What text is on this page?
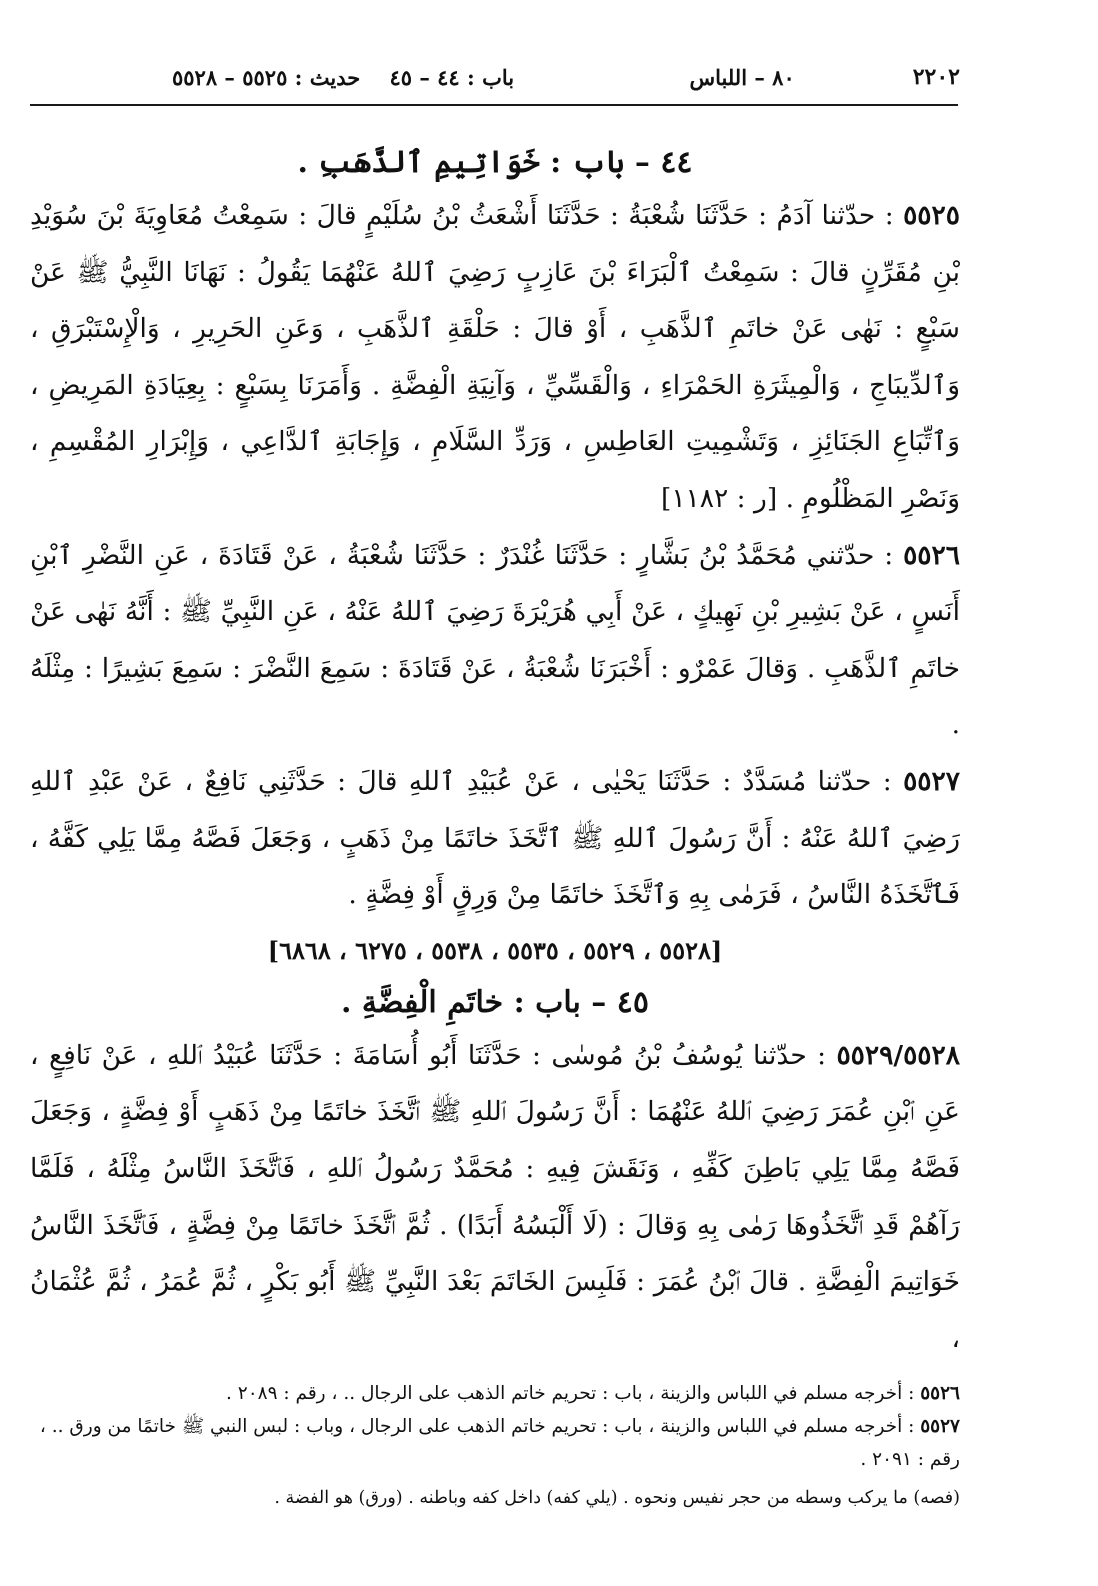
٢٢٠٢
٨٠ – اللباس
باب : ٤٤ – ٤٥    حديث : ٥٥٢٥ – ٥٥٢٨

٤٤ – باب : خَوَاتِيمِ ٱلذَّهَبِ .

٥٥٢٥ : حدّثنا آدَمُ : حَدَّثَنَا شُعْبَةُ : حَدَّثَنَا أَشْعَثُ بْنُ سُلَيْمٍ قالَ : سَمِعْتُ مُعَاوِيَةَ بْنَ سُوَيْدِ بْنِ مُقَرِّنٍ قالَ : سَمِعْتُ ٱلْبَرَاءَ بْنَ عَازِبٍ رَضِيَ ٱللهُ عَنْهُمَا يَقُولُ : نَهَانَا النَّبِيُّ ﷺ عَنْ سَبْعٍ : نَهٰى عَنْ خاتَمِ ٱلذَّهَبِ ، أَوْ قالَ : حَلْقَةِ ٱلذَّهَبِ ، وَعَنِ الحَرِيرِ ، وَالْإِسْتَبْرَقِ ، وَٱلدِّيبَاجِ ، وَالْمِيثَرَةِ الحَمْرَاءِ ، وَالْقَسِّيِّ ، وَآنِيَةِ الْفِضَّةِ . وَأَمَرَنَا بِسَبْعٍ : بِعِيَادَةِ المَرِيضِ ، وَٱتِّبَاعِ الجَنَائِزِ ، وَتَشْمِيتِ العَاطِسِ ، وَرَدِّ السَّلَامِ ، وَإِجَابَةِ ٱلدَّاعِي ، وَإِبْرَارِ المُقْسِمِ ، وَنَصْرِ المَظْلُومِ . [ر : ١١٨٢]

٥٥٢٦ : حدّثني مُحَمَّدُ بْنُ بَشَّارٍ : حَدَّثَنَا غُنْدَرٌ : حَدَّثَنَا شُعْبَةُ ، عَنْ قَتَادَةَ ، عَنِ النَّضْرِ ٱبْنِ أَنَسٍ ، عَنْ بَشِيرِ بْنِ نَهِيكٍ ، عَنْ أَبِي هُرَيْرَةَ رَضِيَ ٱللهُ عَنْهُ ، عَنِ النَّبِيِّ ﷺ : أَنَّهُ نَهٰى عَنْ خاتَمِ ٱلذَّهَبِ . وَقالَ عَمْرٌو : أَخْبَرَنَا شُعْبَةُ ، عَنْ قَتَادَةَ : سَمِعَ النَّضْرَ : سَمِعَ بَشِيرًا : مِثْلَهُ .

٥٥٢٧ : حدّثنا مُسَدَّدٌ : حَدَّثَنَا يَحْيٰى ، عَنْ عُبَيْدِ ٱللهِ قالَ : حَدَّثَنِي نَافِعٌ ، عَنْ عَبْدِ ٱللهِ رَضِيَ ٱللهُ عَنْهُ : أَنَّ رَسُولَ ٱللهِ ﷺ ٱتَّخَذَ خاتَمًا مِنْ ذَهَبٍ ، وَجَعَلَ فَصَّهُ مِمَّا يَلِي كَفَّهُ ، فَٱتَّخَذَهُ النَّاسُ ، فَرَمٰى بِهِ وَٱتَّخَذَ خاتَمًا مِنْ وَرِقٍ أَوْ فِضَّةٍ .

[٥٥٢٨ ، ٥٥٢٩ ، ٥٥٣٥ ، ٥٥٣٨ ، ٦٢٧٥ ، ٦٨٦٨]

٤٥ – باب : خاتَمِ الْفِضَّةِ .

٥٥٢٩/٥٥٢٨ : حدّثنا يُوسُفُ بْنُ مُوسٰى : حَدَّثَنَا أَبُو أُسَامَةَ : حَدَّثَنَا عُبَيْدُ ٱللهِ ، عَنْ نَافِعٍ ، عَنِ ٱبْنِ عُمَرَ رَضِيَ ٱللهُ عَنْهُمَا : أَنَّ رَسُولَ ٱللهِ ﷺ ٱتَّخَذَ خاتَمًا مِنْ ذَهَبٍ أَوْ فِضَّةٍ ، وَجَعَلَ فَصَّهُ مِمَّا يَلِي بَاطِنَ كَفِّهِ ، وَنَقَشَ فِيهِ : مُحَمَّدٌ رَسُولُ ٱللهِ ، فَٱتَّخَذَ النَّاسُ مِثْلَهُ ، فَلَمَّا رَآهُمْ قَدِ ٱتَّخَذُوهَا رَمٰى بِهِ وَقالَ : (لَا أَلْبَسُهُ أَبَدًا) . ثُمَّ ٱتَّخَذَ خاتَمًا مِنْ فِضَّةٍ ، فَٱتَّخَذَ النَّاسُ خَوَاتِيمَ الْفِضَّةِ . قالَ ٱبْنُ عُمَرَ : فَلَبِسَ الخَاتَمَ بَعْدَ النَّبِيِّ ﷺ أَبُو بَكْرٍ ، ثُمَّ عُمَرُ ، ثُمَّ عُثْمَانُ ،

٥٥٢٦ : أخرجه مسلم في اللباس والزينة ، باب : تحريم خاتم الذهب على الرجال .. ، رقم : ٢٠٨٩ .

٥٥٢٧ : أخرجه مسلم في اللباس والزينة ، باب : تحريم خاتم الذهب على الرجال ، وباب : لبس النبي ﷺ خاتمًا من ورق .. ، رقم : ٢٠٩١ .

(فصه) ما يركب وسطه من حجر نفيس ونحوه . (يلي كفه) داخل كفه وباطنه . (ورق) هو الفضة .
